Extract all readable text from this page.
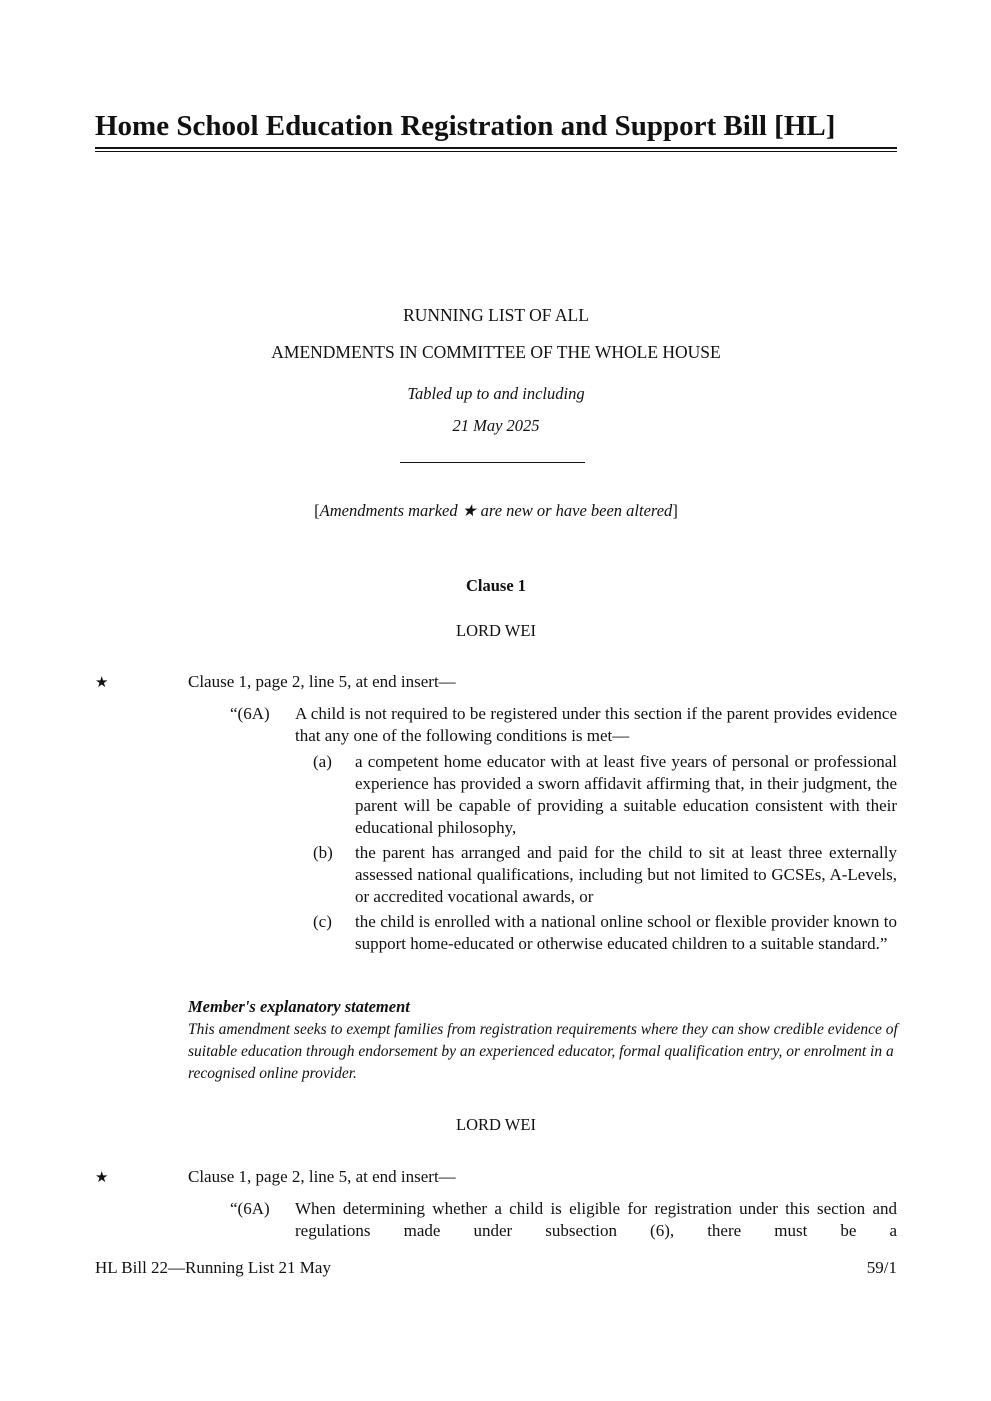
Home School Education Registration and Support Bill [HL]
RUNNING LIST OF ALL
AMENDMENTS IN COMMITTEE OF THE WHOLE HOUSE
Tabled up to and including
21 May 2025
[Amendments marked ★ are new or have been altered]
Clause 1
LORD WEI
★	Clause 1, page 2, line 5, at end insert—
“(6A) A child is not required to be registered under this section if the parent provides evidence that any one of the following conditions is met—
(a) a competent home educator with at least five years of personal or professional experience has provided a sworn affidavit affirming that, in their judgment, the parent will be capable of providing a suitable education consistent with their educational philosophy,
(b) the parent has arranged and paid for the child to sit at least three externally assessed national qualifications, including but not limited to GCSEs, A-Levels, or accredited vocational awards, or
(c) the child is enrolled with a national online school or flexible provider known to support home-educated or otherwise educated children to a suitable standard.”
Member's explanatory statement
This amendment seeks to exempt families from registration requirements where they can show credible evidence of suitable education through endorsement by an experienced educator, formal qualification entry, or enrolment in a recognised online provider.
LORD WEI
★	Clause 1, page 2, line 5, at end insert—
“(6A) When determining whether a child is eligible for registration under this section and regulations made under subsection (6), there must be a
HL Bill 22—Running List 21 May	59/1
